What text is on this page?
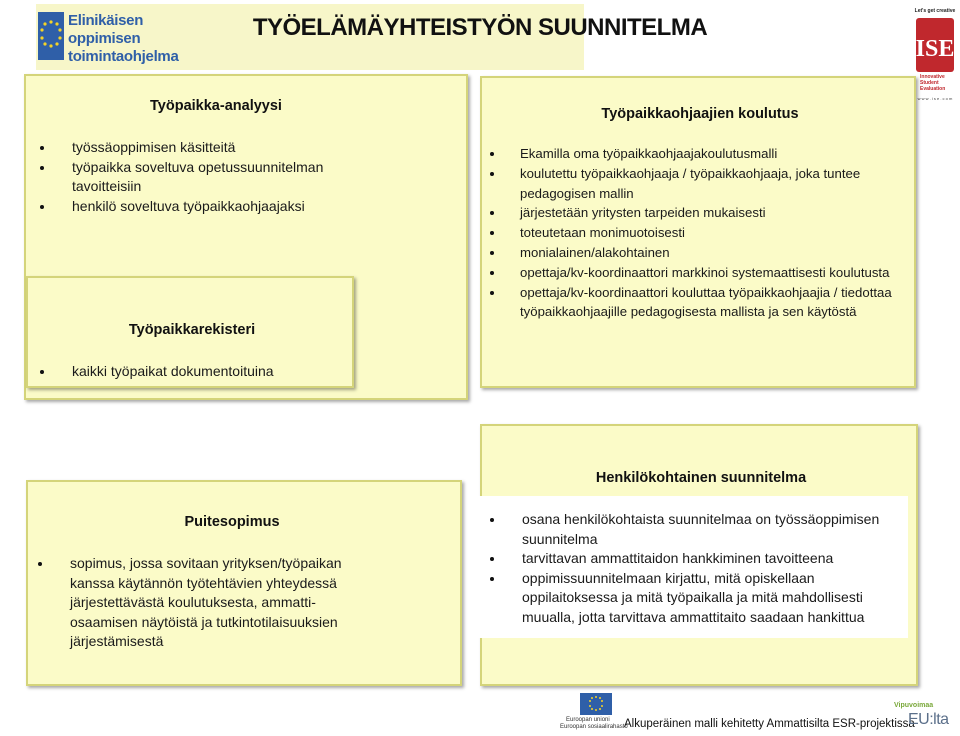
Elinikäisen
oppimisen
toimintaohjelma
TYÖELÄMÄYHTEISTYÖN SUUNNITELMA
Let's get creative
ISE
Innovative
Student
Evaluation
w w w . i s e . c o m
Työpaikka-analyysi
työssäoppimisen käsitteitä
työpaikka soveltuva opetussuunnitelman tavoitteisiin
henkilö soveltuva työpaikkaohjaajaksi
Työpaikkarekisteri
kaikki työpaikat dokumentoituina
Työpaikkaohjaajien koulutus
Ekamilla oma työpaikkaohjaajakoulutusmalli
koulutettu työpaikkaohjaaja / työpaikkaohjaaja, joka tuntee pedagogisen mallin
järjestetään yritysten tarpeiden mukaisesti
toteutetaan monimuotoisesti
monialainen/alakohtainen
opettaja/kv-koordinaattori markkinoi systemaattisesti koulutusta
opettaja/kv-koordinaattori kouluttaa työpaikkaohjaajia / tiedottaa työpaikkaohjaajille pedagogisesta mallista ja sen käytöstä
Henkilökohtainen suunnitelma
Puitesopimus
sopimus, jossa sovitaan yrityksen/työpaikan kanssa käytännön työtehtävien yhteydessä järjestettävästä koulutuksesta, ammatti-osaamisen näytöistä ja tutkintotilaisuuksien järjestämisestä
osana henkilökohtaista suunnitelmaa on työssäoppimisen suunnitelma
tarvittavan ammattitaidon hankkiminen tavoitteena
oppimissuunnitelmaan kirjattu, mitä opiskellaan oppilaitoksessa ja mitä työpaikalla ja mitä mahdollisesti muualla, jotta tarvittava ammattitaito saadaan hankittua
Euroopan unioni
Euroopan sosiaalirahasto
Alkuperäinen malli kehitetty Ammattisilta ESR-projektissa
Vipuvoimaa
EU:lta
